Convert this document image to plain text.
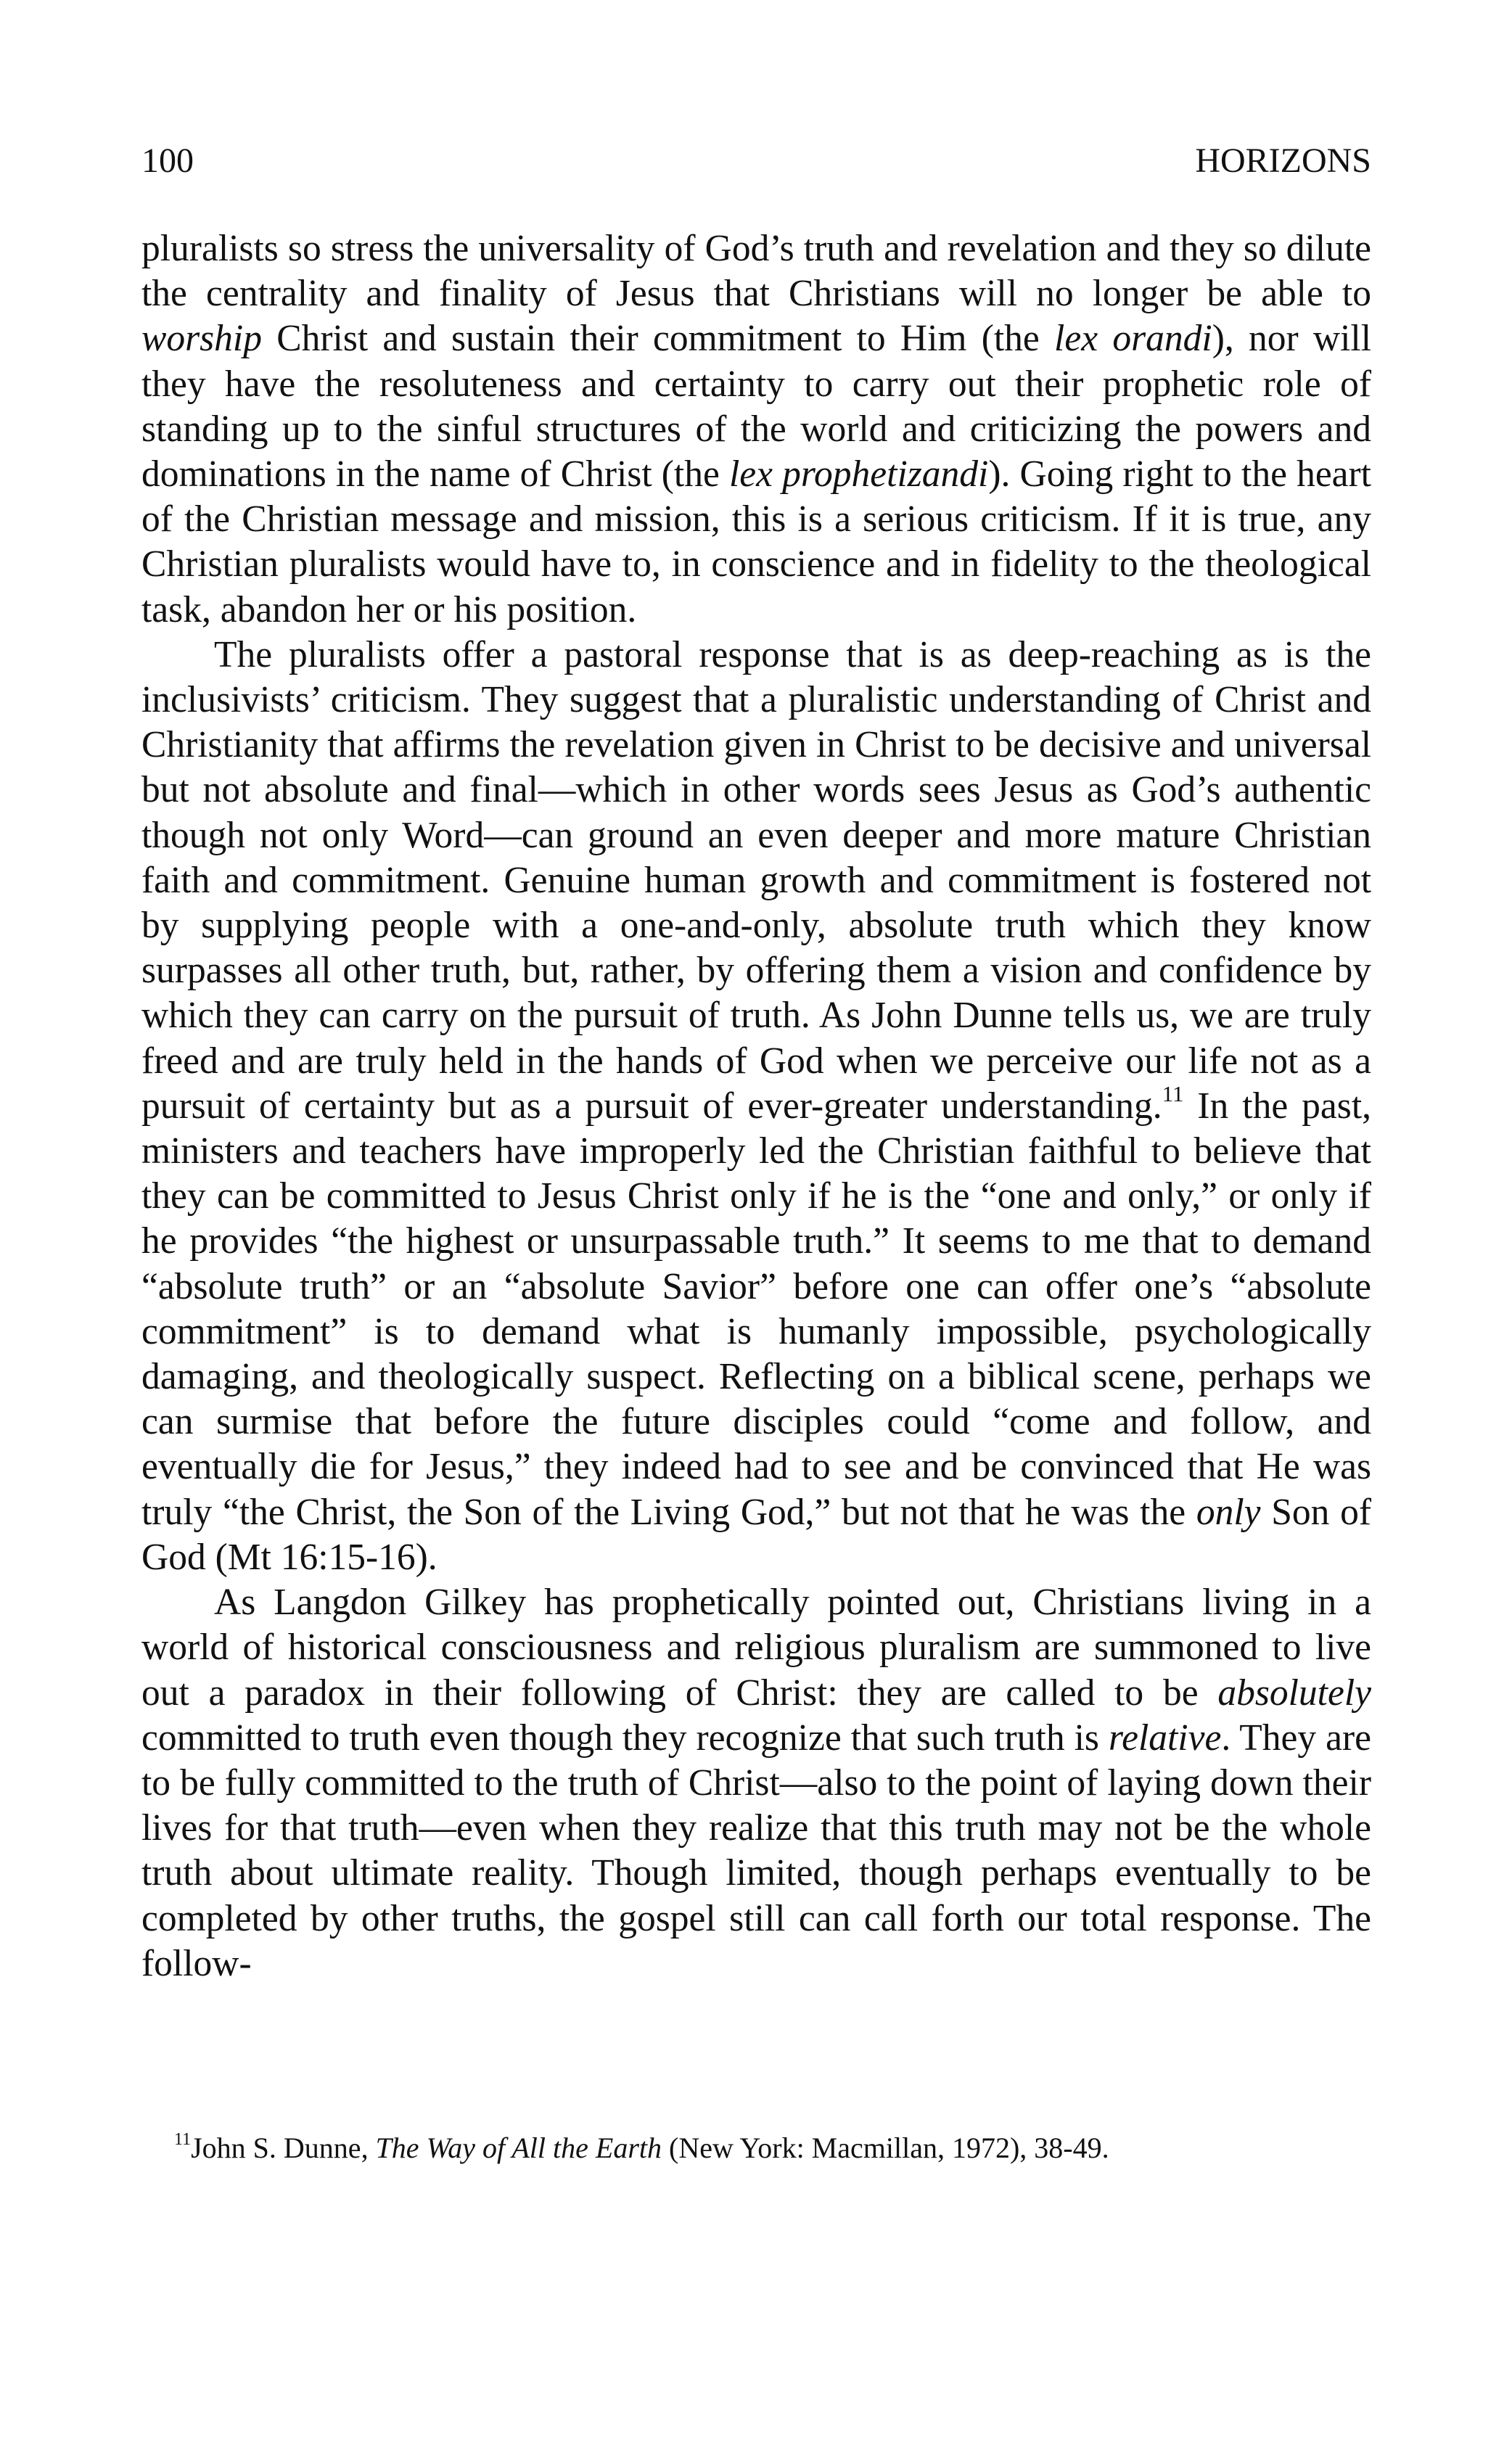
100	HORIZONS

pluralists so stress the universality of God’s truth and revelation and they so dilute the centrality and finality of Jesus that Christians will no longer be able to worship Christ and sustain their commitment to Him (the lex orandi), nor will they have the resoluteness and certainty to carry out their prophetic role of standing up to the sinful structures of the world and criticizing the powers and dominations in the name of Christ (the lex prophetizandi). Going right to the heart of the Christian message and mission, this is a serious criticism. If it is true, any Christian pluralists would have to, in conscience and in fidelity to the theological task, abandon her or his position.

The pluralists offer a pastoral response that is as deep-reaching as is the inclusivists’ criticism. They suggest that a pluralistic understanding of Christ and Christianity that affirms the revelation given in Christ to be decisive and universal but not absolute and final—which in other words sees Jesus as God’s authentic though not only Word—can ground an even deeper and more mature Christian faith and commitment. Genuine human growth and commitment is fostered not by supplying people with a one-and-only, absolute truth which they know surpasses all other truth, but, rather, by offering them a vision and confidence by which they can carry on the pursuit of truth. As John Dunne tells us, we are truly freed and are truly held in the hands of God when we perceive our life not as a pursuit of certainty but as a pursuit of ever-greater understanding.$^{11}$ In the past, ministers and teachers have improperly led the Christian faithful to believe that they can be committed to Jesus Christ only if he is the “one and only,” or only if he provides “the highest or unsurpassable truth.” It seems to me that to demand “absolute truth” or an “absolute Savior” before one can offer one’s “absolute commitment” is to demand what is humanly impossible, psychologically damaging, and theologically suspect. Reflecting on a biblical scene, perhaps we can surmise that before the future disciples could “come and follow, and eventually die for Jesus,” they indeed had to see and be convinced that He was truly “the Christ, the Son of the Living God,” but not that he was the only Son of God (Mt 16:15-16).

As Langdon Gilkey has prophetically pointed out, Christians living in a world of historical consciousness and religious pluralism are summoned to live out a paradox in their following of Christ: they are called to be absolutely committed to truth even though they recognize that such truth is relative. They are to be fully committed to the truth of Christ—also to the point of laying down their lives for that truth—even when they realize that this truth may not be the whole truth about ultimate reality. Though limited, though perhaps eventually to be completed by other truths, the gospel still can call forth our total response. The follow-

$^{11}$John S. Dunne, The Way of All the Earth (New York: Macmillan, 1972), 38-49.
